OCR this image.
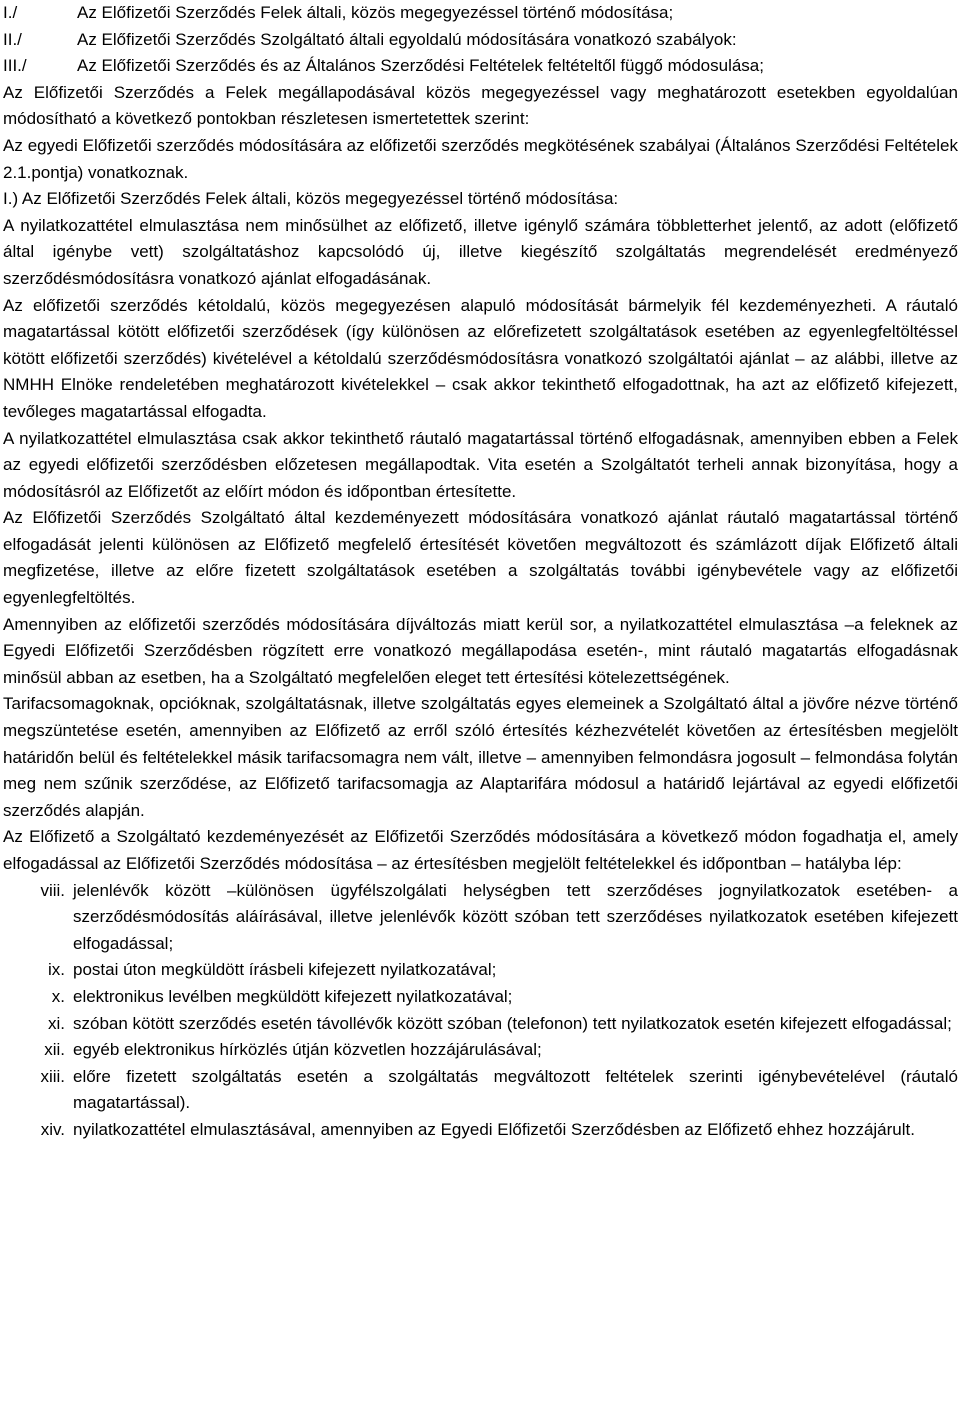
I./	Az Előfizetői Szerződés Felek általi, közös megegyezéssel történő módosítása;
II./	Az Előfizetői Szerződés Szolgáltató általi egyoldalú módosítására vonatkozó szabályok:
III./	Az Előfizetői Szerződés és az Általános Szerződési Feltételek feltételtől függő módosulása;

Az Előfizetői Szerződés a Felek megállapodásával közös megegyezéssel vagy meghatározott esetekben egyoldalúan módosítható a következő pontokban részletesen ismertetettek szerint:

Az egyedi Előfizetői szerződés módosítására az előfizetői szerződés megkötésének szabályai (Általános Szerződési Feltételek 2.1.pontja) vonatkoznak.

I.) Az Előfizetői Szerződés Felek általi, közös megegyezéssel történő módosítása:

A nyilatkozattétel elmulasztása nem minősülhet az előfizető, illetve igénylő számára többletterhet jelentő, az adott (előfizető által igénybe vett) szolgáltatáshoz kapcsolódó új, illetve kiegészítő szolgáltatás megrendelését eredményező szerződésmódosításra vonatkozó ajánlat elfogadásának.

Az előfizetői szerződés kétoldalú, közös megegyezésen alapuló módosítását bármelyik fél kezdeményezheti. A ráutaló magatartással kötött előfizetői szerződések (így különösen az előrefizetett szolgáltatások esetében az egyenlegfeltöltéssel kötött előfizetői szerződés) kivételével a kétoldalú szerződésmódosításra vonatkozó szolgáltatói ajánlat – az alábbi, illetve az NMHH Elnöke rendeletében meghatározott kivételekkel – csak akkor tekinthető elfogadottnak, ha azt az előfizető kifejezett, tevőleges magatartással elfogadta.

A nyilatkozattétel elmulasztása csak akkor tekinthető ráutaló magatartással történő elfogadásnak, amennyiben ebben a Felek az egyedi előfizetői szerződésben előzetesen megállapodtak. Vita esetén a Szolgáltatót terheli annak bizonyítása, hogy a módosításról az Előfizetőt az előírt módon és időpontban értesítette.

Az Előfizetői Szerződés Szolgáltató által kezdeményezett módosítására vonatkozó ajánlat ráutaló magatartással történő elfogadását jelenti különösen az Előfizető megfelelő értesítését követően megváltozott és számlázott díjak Előfizető általi megfizetése, illetve az előre fizetett szolgáltatások esetében a szolgáltatás további igénybevétele vagy az előfizetői egyenlegfeltöltés.

Amennyiben az előfizetői szerződés módosítására díjváltozás miatt kerül sor, a nyilatkozattétel elmulasztása –a feleknek az Egyedi Előfizetői Szerződésben rögzített erre vonatkozó megállapodása esetén-, mint ráutaló magatartás elfogadásnak minősül abban az esetben, ha a Szolgáltató megfelelően eleget tett értesítési kötelezettségének.

Tarifacsomagoknak, opcióknak, szolgáltatásnak, illetve szolgáltatás egyes elemeinek a Szolgáltató által a jövőre nézve történő megszüntetése esetén, amennyiben az Előfizető az erről szóló értesítés kézhezvételét követően az értesítésben megjelölt határidőn belül és feltételekkel másik tarifacsomagra nem vált, illetve – amennyiben felmondásra jogosult – felmondása folytán meg nem szűnik szerződése, az Előfizető tarifacsomagja az Alaptarifára módosul a határidő lejártával az egyedi előfizetői szerződés alapján.

Az Előfizető a Szolgáltató kezdeményezését az Előfizetői Szerződés módosítására a következő módon fogadhatja el, amely elfogadással az Előfizetői Szerződés módosítása – az értesítésben megjelölt feltételekkel és időpontban – hatályba lép:

viii. jelenlévők között –különösen ügyfélszolgálati helységben tett szerződéses jognyilatkozatok esetében- a szerződésmódosítás aláírásával, illetve jelenlévők között szóban tett szerződéses nyilatkozatok esetében kifejezett elfogadással;
ix. postai úton megküldött írásbeli kifejezett nyilatkozatával;
x. elektronikus levélben megküldött kifejezett nyilatkozatával;
xi. szóban kötött szerződés esetén távollévők között szóban (telefonon) tett nyilatkozatok esetén kifejezett elfogadással;
xii. egyéb elektronikus hírközlés útján közvetlen hozzájárulásával;
xiii. előre fizetett szolgáltatás esetén a szolgáltatás megváltozott feltételek szerinti igénybevételével (ráutaló magatartással).
xiv. nyilatkozattétel elmulasztásával, amennyiben az Egyedi Előfizetői Szerződésben az Előfizető ehhez hozzájárult.
